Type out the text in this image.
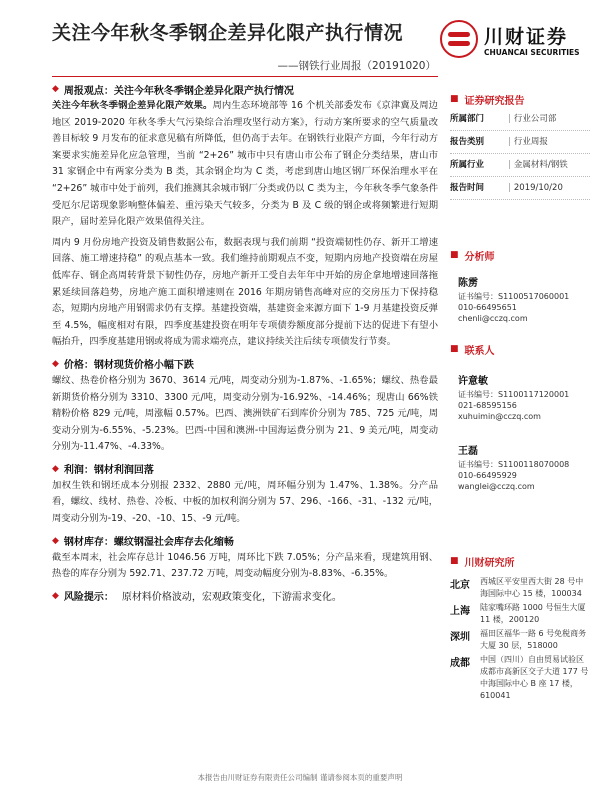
关注今年秋冬季钢企差异化限产执行情况
——钢铁行业周报（20191020）
川财证券
CHUANCAI SECURITIES
◆ 周报观点：关注今年秋冬季钢企差异化限产执行情况

关注今年秋冬季钢企差异化限产效果。周内生态环境部等 16 个机关部委发布《京津冀及周边地区 2019-2020 年秋冬季大气污染综合治理攻坚行动方案》，行动方案所要求的空气质量改善目标较 9 月发布的征求意见稿有所降低，但仍高于去年。在钢铁行业限产方面，今年行动方案要求实施差异化应急管理，当前 “2+26” 城市中只有唐山市公布了钢企分类结果，唐山市 31 家钢企中有两家分类为 B 类，其余钢企均为 C 类，考虑到唐山地区钢厂环保治理水平在 “2+26” 城市中处于前列，我们推测其余城市钢厂分类或仍以 C 类为主，今年秋冬季气象条件受厄尔尼诺现象影响整体偏差、重污染天气较多，分类为 B 及 C 级的钢企或将频繁进行短期限产，届时差异化限产效果值得关注。

周内 9 月份房地产投资及销售数据公布，数据表现与我们前期 “投资端韧性仍存、新开工增速回落、施工增速持稳” 的观点基本一致。我们维持前期观点不变，短期内房地产投资端在房屋低库存、钢企高周转背景下韧性仍存，房地产新开工受自去年年中开始的房企拿地增速回落拖累延续回落趋势，房地产施工面积增速则在 2016 年期房销售高峰对应的交房压力下保持稳态，短期内房地产用钢需求仍有支撑。基建投资端，基建资金来源方面下 1-9 月基建投资反弹至 4.5%，幅度相对有限，四季度基建投资在明年专项债券额度部分提前下达的促进下有望小幅抬升，四季度基建用钢或将成为需求端亮点，建议持续关注后续专项债发行节奏。

◆ 价格：钢材现货价格小幅下跌

螺纹、热卷价格分别为 3670、3614 元/吨，周变动分别为-1.87%、-1.65%；螺纹、热卷最新期货价格分别为 3310、3300 元/吨，周变动分别为-16.92%、-14.46%；现唐山 66%铁精粉价格 829 元/吨，周涨幅 0.57%。巴西、澳洲铁矿石到库价分别为 785、725 元/吨，周变动分别为-6.55%、-5.23%。巴西-中国和澳洲-中国海运费分别为 21、9 美元/吨，周变动分别为-11.47%、-4.33%。

◆ 利润：钢材利润回落

加权生铁和钢坯成本分别报 2332、2880 元/吨，周环幅分别为 1.47%、1.38%。分产品看，螺纹、线材、热卷、冷板、中板的加权利润分别为 57、296、-166、-31、-132 元/吨，周变动分别为-19、-20、-10、15、-9 元/吨。

◆ 钢材库存：螺纹钢湿社会库存去化缩畅

截至本周末，社会库存总计 1046.56 万吨，周环比下跌 7.05%；分产品来看，现建筑用钢、热卷的库存分别为 592.71、237.72 万吨，周变动幅度分别为-8.83%、-6.35%。

◆ 风险提示： 原材料价格波动，宏观政策变化，下游需求变化。
■ 证券研究报告
所属部门	| 行业公司部
报告类别	| 行业周报
所属行业	| 金属材料/钢铁
报告时间	| 2019/10/20
■ 分析师
陈雳
证书编号：S1100517060001
010-66495651
chenli@cczq.com
■ 联系人
许意敏
证书编号：S1100117120001
021-68595156
xuhuimin@cczq.com
王磊
证书编号：S1100118070008
010-66495929
wanglei@cczq.com
■ 川财研究所
北京	西城区平安里西大街 28 号中海国际中心 15 楼，100034
上海	陆家嘴环路 1000 号恒生大厦 11 楼，200120
深圳	福田区福华一路 6 号免税商务大厦 30 层，518000
成都	中国（四川）自由贸易试验区成都市高新区交子大道 177 号中海国际中心 B 座 17 楼，610041
本报告由川财证券有限责任公司编制 谨请参阅本页的重要声明
